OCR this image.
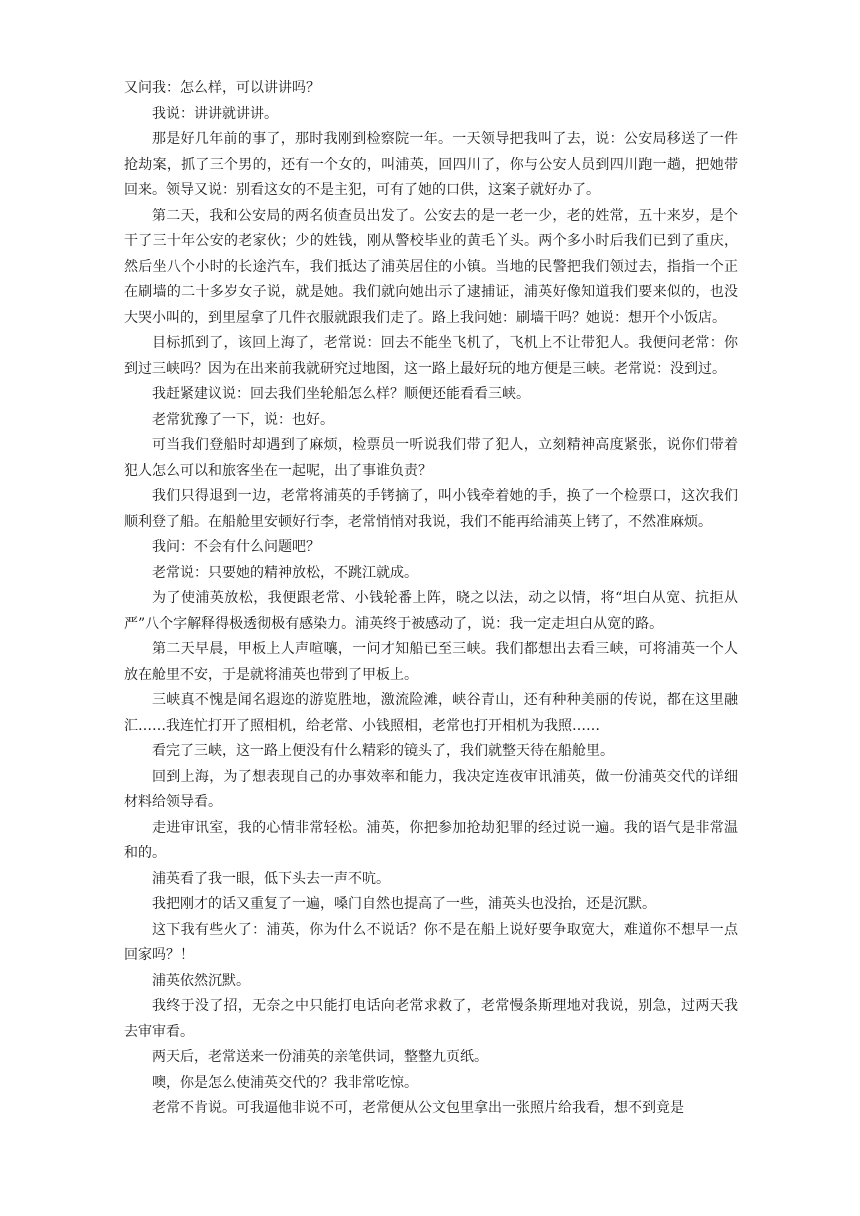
又问我：怎么样，可以讲讲吗？

我说：讲讲就讲讲。

那是好几年前的事了，那时我刚到检察院一年。一天领导把我叫了去，说：公安局移送了一件抢劫案，抓了三个男的，还有一个女的，叫浦英，回四川了，你与公安人员到四川跑一趟，把她带回来。领导又说：别看这女的不是主犯，可有了她的口供，这案子就好办了。

第二天，我和公安局的两名侦查员出发了。公安去的是一老一少，老的姓常，五十来岁，是个干了三十年公安的老家伙；少的姓钱，刚从警校毕业的黄毛丫头。两个多小时后我们已到了重庆，然后坐八个小时的长途汽车，我们抵达了浦英居住的小镇。当地的民警把我们领过去，指指一个正在刷墙的二十多岁女子说，就是她。我们就向她出示了逮捕证，浦英好像知道我们要来似的，也没大哭小叫的，到里屋拿了几件衣服就跟我们走了。路上我问她：刷墙干吗？她说：想开个小饭店。

目标抓到了，该回上海了，老常说：回去不能坐飞机了，飞机上不让带犯人。我便问老常：你到过三峡吗？因为在出来前我就研究过地图，这一路上最好玩的地方便是三峡。老常说：没到过。

我赶紧建议说：回去我们坐轮船怎么样？顺便还能看看三峡。

老常犹豫了一下，说：也好。

可当我们登船时却遇到了麻烦，检票员一听说我们带了犯人，立刻精神高度紧张，说你们带着犯人怎么可以和旅客坐在一起呢，出了事谁负责？

我们只得退到一边，老常将浦英的手铐摘了，叫小钱牵着她的手，换了一个检票口，这次我们顺利登了船。在船舱里安顿好行李，老常悄悄对我说，我们不能再给浦英上铐了，不然准麻烦。

我问：不会有什么问题吧？

老常说：只要她的精神放松，不跳江就成。

为了使浦英放松，我便跟老常、小钱轮番上阵，晓之以法，动之以情，将“坦白从宽、抗拒从严”八个字解释得极透彻极有感染力。浦英终于被感动了，说：我一定走坦白从宽的路。

第二天早晨，甲板上人声喧嚷，一问才知船已至三峡。我们都想出去看三峡，可将浦英一个人放在舱里不安，于是就将浦英也带到了甲板上。

三峡真不愧是闻名遐迩的游览胜地，激流险滩，峡谷青山，还有种种美丽的传说，都在这里融汇……我连忙打开了照相机，给老常、小钱照相，老常也打开相机为我照……

看完了三峡，这一路上便没有什么精彩的镜头了，我们就整天待在船舱里。

回到上海，为了想表现自己的办事效率和能力，我决定连夜审讯浦英，做一份浦英交代的详细材料给领导看。

走进审讯室，我的心情非常轻松。浦英，你把参加抢劫犯罪的经过说一遍。我的语气是非常温和的。

浦英看了我一眼，低下头去一声不吭。

我把刚才的话又重复了一遍，嗓门自然也提高了一些，浦英头也没抬，还是沉默。

这下我有些火了：浦英，你为什么不说话？你不是在船上说好要争取宽大，难道你不想早一点回家吗？！

浦英依然沉默。

我终于没了招，无奈之中只能打电话向老常求救了，老常慢条斯理地对我说，别急，过两天我去审审看。

两天后，老常送来一份浦英的亲笔供词，整整九页纸。

噢，你是怎么使浦英交代的？我非常吃惊。

老常不肯说。可我逼他非说不可，老常便从公文包里拿出一张照片给我看，想不到竟是
